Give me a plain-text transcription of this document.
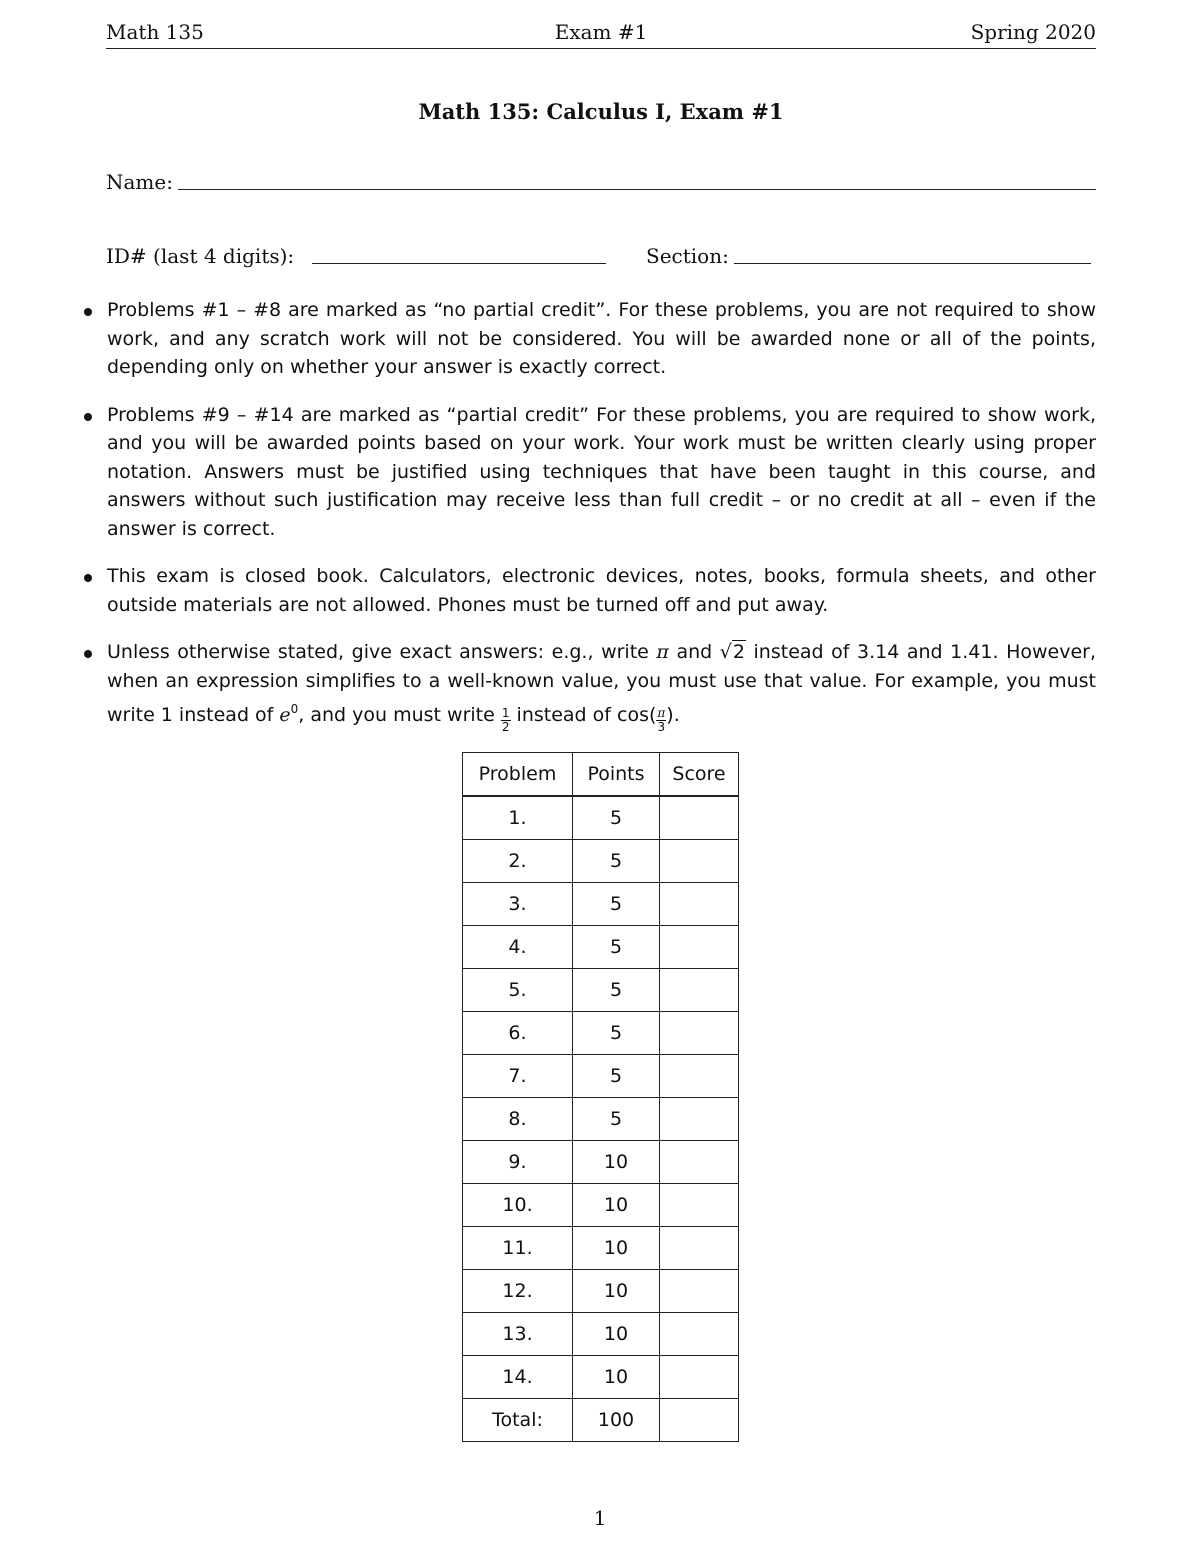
Math 135	Exam #1	Spring 2020
Math 135: Calculus I, Exam #1
Name:
ID# (last 4 digits):	Section:
Problems #1 – #8 are marked as “no partial credit”. For these problems, you are not required to show work, and any scratch work will not be considered. You will be awarded none or all of the points, depending only on whether your answer is exactly correct.
Problems #9 – #14 are marked as “partial credit” For these problems, you are required to show work, and you will be awarded points based on your work. Your work must be written clearly using proper notation. Answers must be justified using techniques that have been taught in this course, and answers without such justification may receive less than full credit – or no credit at all – even if the answer is correct.
This exam is closed book. Calculators, electronic devices, notes, books, formula sheets, and other outside materials are not allowed. Phones must be turned off and put away.
Unless otherwise stated, give exact answers: e.g., write π and √2 instead of 3.14 and 1.41. However, when an expression simplifies to a well-known value, you must use that value. For example, you must write 1 instead of $e^0$, and you must write $\frac{1}{2}$ instead of $\cos( \frac{\pi}{3}$ ).
Problem	Points	Score
1.	5	
2.	5	
3.	5	
4.	5	
5.	5	
6.	5	
7.	5	
8.	5	
9.	10	
10.	10	
11.	10	
12.	10	
13.	10	
14.	10	
Total:	100	
1
